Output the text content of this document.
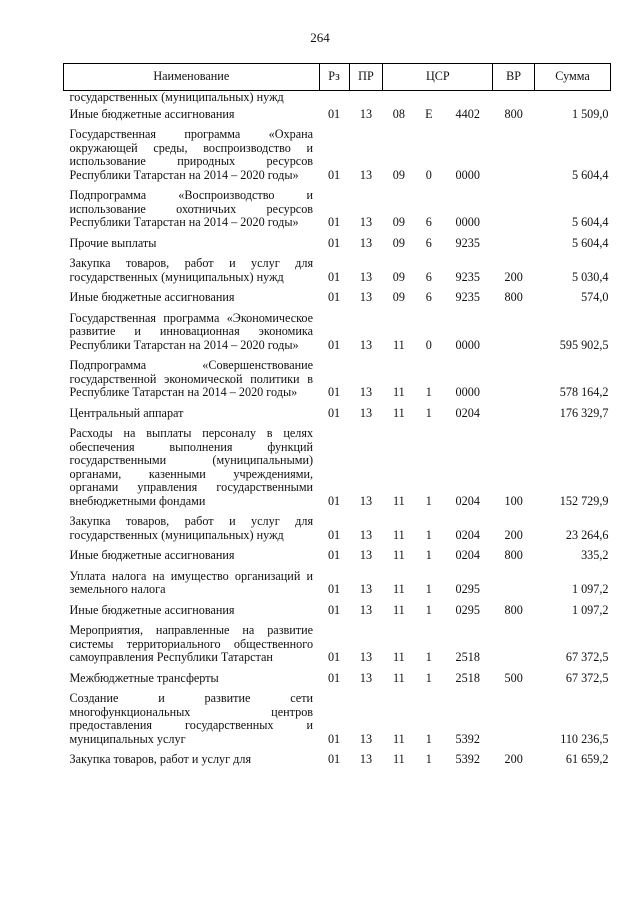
264
Наименование	Рз	ПР	ЦСР			ВР	Сумма
государственных (муниципальных) нужд							
Иные бюджетные ассигнования	01	13	08	Е	4402	800	1 509,0
Государственная программа «Охрана окружающей среды, воспроизводство и использование природных ресурсов Республики Татарстан на 2014 – 2020 годы»	01	13	09	0	0000		5 604,4
Подпрограмма «Воспроизводство и использование охотничьих ресурсов Республики Татарстан на 2014 – 2020 годы»	01	13	09	6	0000		5 604,4
Прочие выплаты	01	13	09	6	9235		5 604,4
Закупка товаров, работ и услуг для государственных (муниципальных) нужд	01	13	09	6	9235	200	5 030,4
Иные бюджетные ассигнования	01	13	09	6	9235	800	574,0
Государственная программа «Экономическое развитие и инновационная экономика Республики Татарстан на 2014 – 2020 годы»	01	13	11	0	0000		595 902,5
Подпрограмма «Совершенствование государственной экономической политики в Республике Татарстан на 2014 – 2020 годы»	01	13	11	1	0000		578 164,2
Центральный аппарат	01	13	11	1	0204		176 329,7
Расходы на выплаты персоналу в целях обеспечения выполнения функций государственными (муниципальными) органами, казенными учреждениями, органами управления государственными внебюджетными фондами	01	13	11	1	0204	100	152 729,9
Закупка товаров, работ и услуг для государственных (муниципальных) нужд	01	13	11	1	0204	200	23 264,6
Иные бюджетные ассигнования	01	13	11	1	0204	800	335,2
Уплата налога на имущество организаций и земельного налога	01	13	11	1	0295		1 097,2
Иные бюджетные ассигнования	01	13	11	1	0295	800	1 097,2
Мероприятия, направленные на развитие системы территориального общественного самоуправления Республики Татарстан	01	13	11	1	2518		67 372,5
Межбюджетные трансферты	01	13	11	1	2518	500	67 372,5
Создание и развитие сети многофункциональных центров предоставления государственных и муниципальных услуг	01	13	11	1	5392		110 236,5
Закупка товаров, работ и услуг для	01	13	11	1	5392	200	61 659,2
